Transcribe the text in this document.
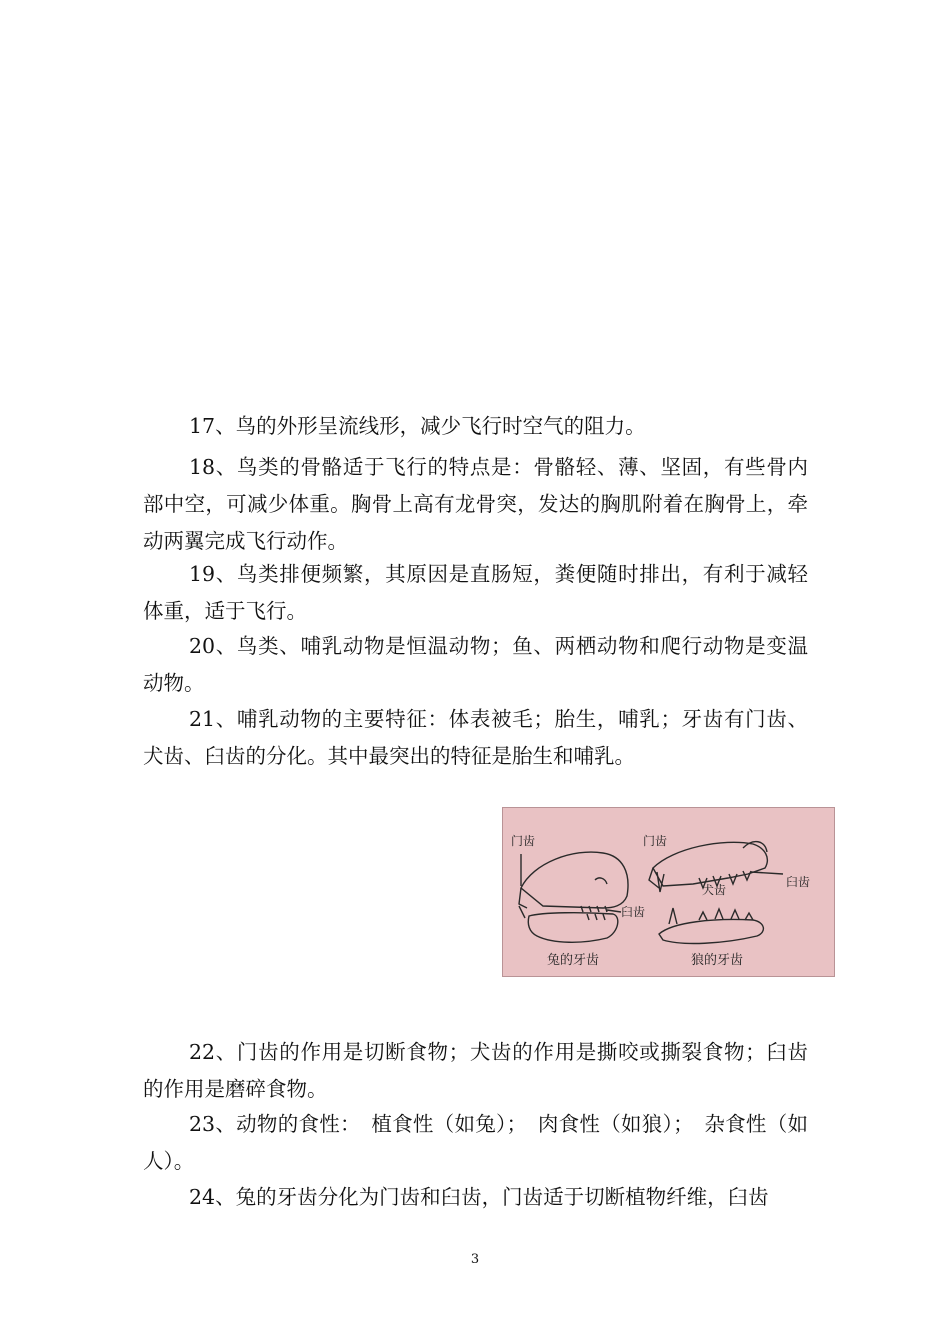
17、鸟的外形呈流线形，减少飞行时空气的阻力。

18、鸟类的骨骼适于飞行的特点是：骨骼轻、薄、坚固，有些骨内部中空，可减少体重。胸骨上高有龙骨突，发达的胸肌附着在胸骨上，牵动两翼完成飞行动作。

19、鸟类排便频繁，其原因是直肠短，粪便随时排出，有利于减轻体重，适于飞行。

20、鸟类、哺乳动物是恒温动物；鱼、两栖动物和爬行动物是变温动物。

21、哺乳动物的主要特征：体表被毛；胎生，哺乳；牙齿有门齿、犬齿、臼齿的分化。其中最突出的特征是胎生和哺乳。

门齿
臼齿
门齿
犬齿
臼齿
兔的牙齿	狼的牙齿

22、门齿的作用是切断食物；犬齿的作用是撕咬或撕裂食物；臼齿的作用是磨碎食物。

23、动物的食性：　植食性（如兔）；　肉食性（如狼）；　杂食性（如人）。

24、兔的牙齿分化为门齿和臼齿，门齿适于切断植物纤维，臼齿

3
